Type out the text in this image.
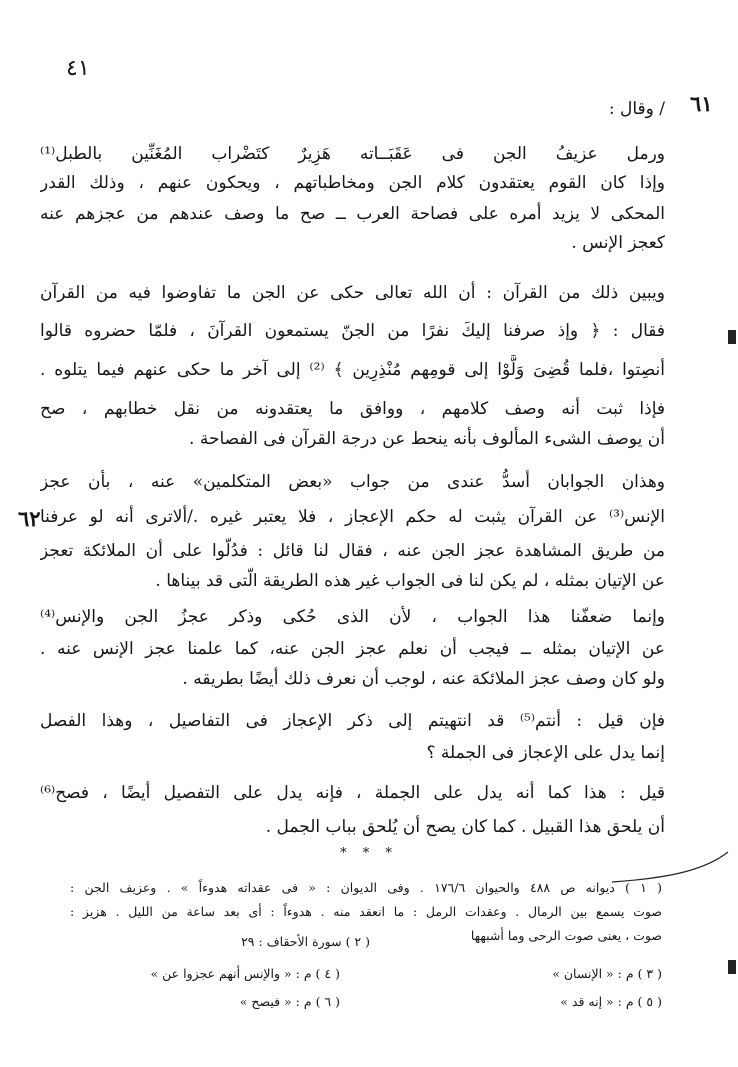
٤١
٦١
٦٢
/ وقال :
ورمل عزيفُ الجن فى عَقَبَــاته هَزِيرٌ كتَضْراب المُغَنِّين بالطبل⁽¹⁾
وإذا كان القوم يعتقدون كلام الجن ومخاطباتهم ، ويحكون عنهم ، وذلك القدر
المحكى لا يزيد أمره على فصاحة العرب ــ صح ما وصف عندهم من عجزهم عنه
كعجز الإنس .
ويبين ذلك من القرآن : أن الله تعالى حكى عن الجن ما تفاوضوا فيه من القرآن
فقال : ﴿ وإذ صرفنا إليكَ نفرًا من الجنّ يستمعون القرآنَ ، فلمّا حضروه قالوا
أنصِتوا ،فلما قُضِىَ وَلَّوْا إلى قومِهم مُنْذِرِين ﴾ ⁽²⁾ إلى آخر ما حكى عنهم فيما يتلوه .
فإذا ثبت أنه وصف كلامهم ، ووافق ما يعتقدونه من نقل خطابهم ، صح
أن يوصف الشىء المألوف بأنه ينحط عن درجة القرآن فى الفصاحة .
وهذان الجوابان أسدُّ عندى من جواب «بعض المتكلمين» عنه ، بأن عجز
الإنس⁽³⁾ عن القرآن يثبت له حكم الإعجاز ، فلا يعتبر غيره ./ألاترى أنه لو عرفنا
من طريق المشاهدة عجز الجن عنه ، فقال لنا قائل : فدُلّوا على أن الملائكة تعجز
عن الإتيان بمثله ، لم يكن لنا فى الجواب غير هذه الطريقة الّتى قد بيناها .
وإنما ضعفّنا هذا الجواب ، لأن الذى حُكى وذكر عجزُ الجن والإنس⁽⁴⁾
عن الإتيان بمثله ــ فيجب أن نعلم عجز الجن عنه، كما علمنا عجز الإنس عنه .
ولو كان وصف عجز الملائكة عنه ، لوجب أن نعرف ذلك أيضًا بطريقه .
فإن قيل : أنتم⁽⁵⁾ قد انتهيتم إلى ذكر الإعجاز فى التفاصيل ، وهذا الفصل
إنما يدل على الإعجاز فى الجملة ؟
قيل : هذا كما أنه يدل على الجملة ، فإنه يدل على التفصيل أيضًا ، فصح⁽⁶⁾
أن يلحق هذا القبيل . كما كان يصح أن يُلحق بباب الجمل .
* * *
( ١ ) ديوانه ص ٤٨٨ والحيوان ١٧٦/٦ . وفى الديوان : « فى عقداته هدوءاً » . وعزيف الجن :
صوت يسمع بين الرمال . وعقدات الرمل : ما انعقد منه . هدوءاً : أى بعد ساعة من الليل . هزيز :
صوت ، يعنى صوت الرحى وما أشبهها
( ٢ ) سورة الأحقاف : ٢٩
( ٣ ) م : « الإنسان »
( ٤ ) م : « والإنس أنهم عجزوا عن »
( ٥ ) م : « إنه قد »
( ٦ ) م : « فيصح »
